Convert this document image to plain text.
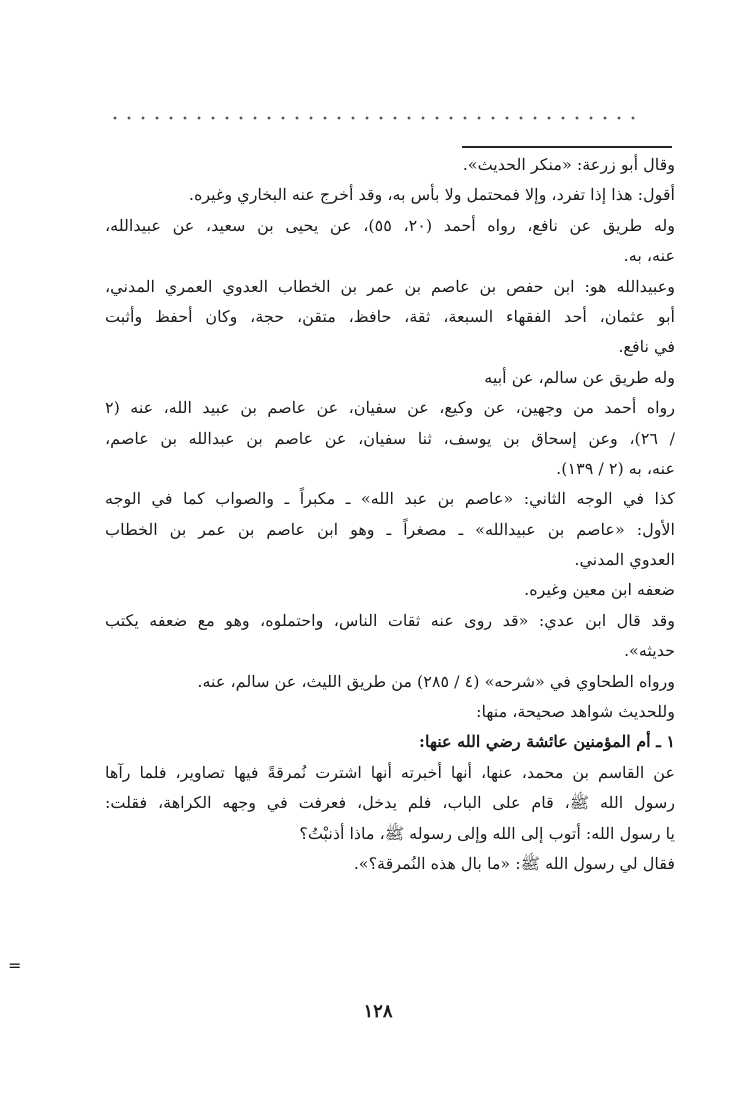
وقال أبو زرعة: «منكر الحديث».
أقول: هذا إذا تفرد، وإلا فمحتمل ولا بأس به، وقد أخرج عنه البخاري وغيره.
وله طريق عن نافع، رواه أحمد (٢٠، ٥٥)، عن يحيى بن سعيد، عن عبيدالله،
عنه، به.
وعبيدالله هو: ابن حفص بن عاصم بن عمر بن الخطاب العدوي العمري المدني،
أبو عثمان، أحد الفقهاء السبعة، ثقة، حافظ، متقن، حجة، وكان أحفظ وأثبت
في نافع.
وله طريق عن سالم، عن أبيه
رواه أحمد من وجهين، عن وكيع، عن سفيان، عن عاصم بن عبيد الله، عنه (٢
/ ٢٦)، وعن إسحاق بن يوسف، ثنا سفيان، عن عاصم بن عبدالله بن عاصم،
عنه، به (٢ / ١٣٩).
كذا في الوجه الثاني: «عاصم بن عبد الله» ـ مكبراً ـ والصواب كما في الوجه
الأول: «عاصم بن عبيدالله» ـ مصغراً ـ وهو ابن عاصم بن عمر بن الخطاب
العدوي المدني.
ضعفه ابن معين وغيره.
وقد قال ابن عدي: «قد روى عنه ثقات الناس، واحتملوه، وهو مع ضعفه يكتب
حديثه».
ورواه الطحاوي في «شرحه» (٤ / ٢٨٥) من طريق الليث، عن سالم، عنه.
وللحديث شواهد صحيحة، منها:
١ ـ أم المؤمنين عائشة رضي الله عنها:
عن القاسم بن محمد، عنها، أنها أخبرته أنها اشترت نُمرقةً فيها تصاوير، فلما رآها
رسول الله ﷺ، قام على الباب، فلم يدخل، فعرفت في وجهه الكراهة، فقلت:
يا رسول الله: أتوب إلى الله وإلى رسوله ﷺ، ماذا أذنبْتُ؟
فقال لي رسول الله ﷺ: «ما بال هذه النُمرقة؟».
١٢٨
=
